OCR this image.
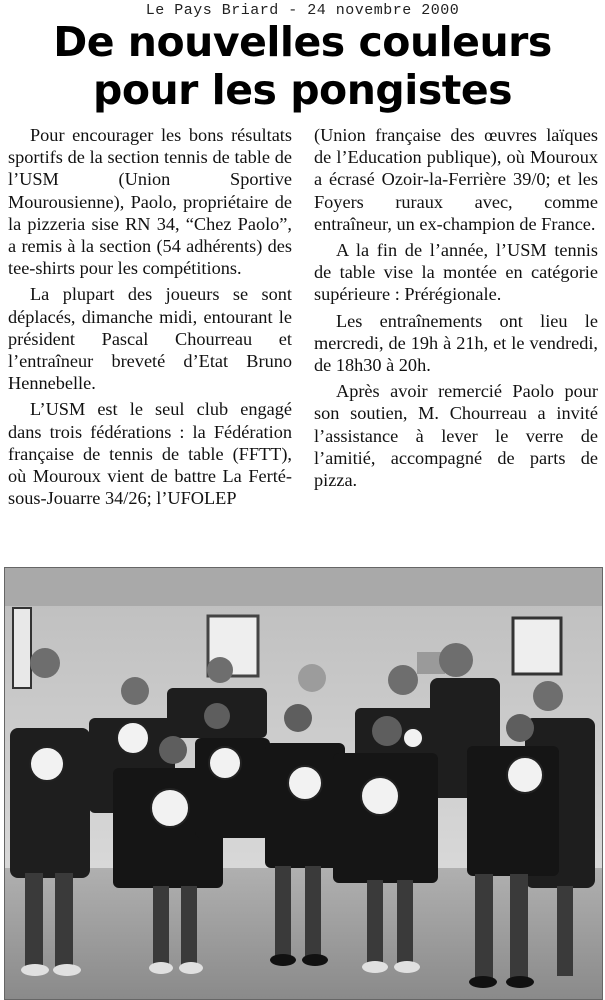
Le Pays Briard - 24 novembre 2000
De nouvelles couleurs
pour les pongistes

Pour encourager les bons résultats sportifs de la section tennis de table de l’USM (Union Sportive Mourousienne), Paolo, propriétaire de la pizzeria sise RN 34, “Chez Paolo”, a remis à la section (54 adhérents) des tee-shirts pour les compétitions.

La plupart des joueurs se sont déplacés, dimanche midi, entourant le président Pascal Chourreau et l’entraîneur breveté d’Etat Bruno Hennebelle.

L’USM est le seul club engagé dans trois fédérations : la Fédération française de tennis de table (FFTT), où Mouroux vient de battre La Ferté-sous-Jouarre 34/26; l’UFOLEP

(Union française des œuvres laïques de l’Education publique), où Mouroux a écrasé Ozoir-la-Ferrière 39/0; et les Foyers ruraux avec, comme entraîneur, un ex-champion de France.

A la fin de l’année, l’USM tennis de table vise la montée en catégorie supérieure : Prérégionale.

Les entraînements ont lieu le mercredi, de 19h à 21h, et le vendredi, de 18h30 à 20h.

Après avoir remercié Paolo pour son soutien, M. Chourreau a invité l’assistance à lever le verre de l’amitié, accompagné de parts de pizza.
